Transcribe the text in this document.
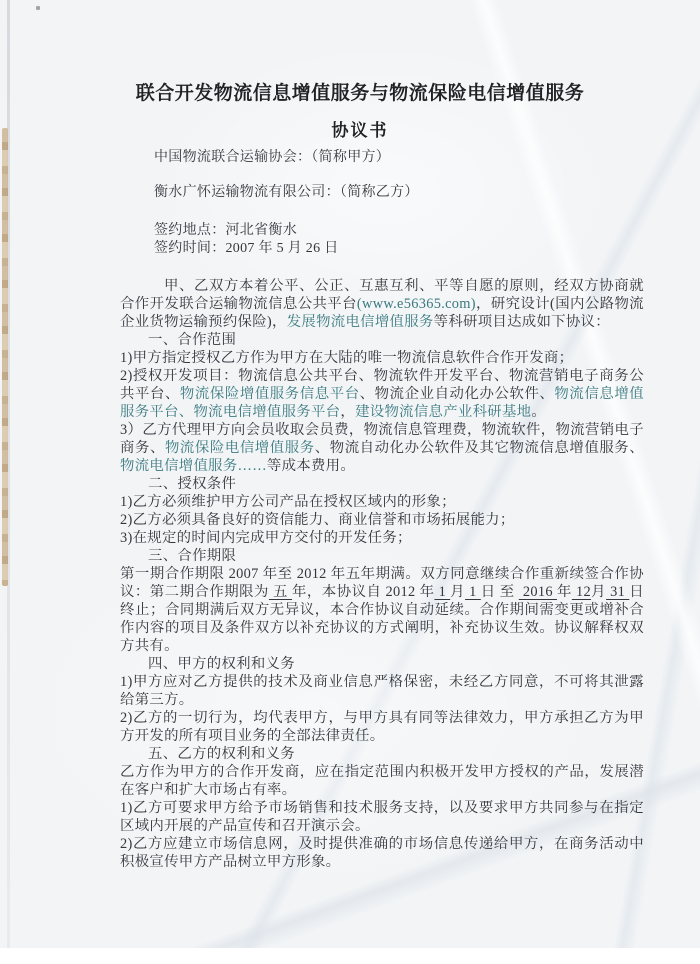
联合开发物流信息增值服务与物流保险电信增值服务
协议书

中国物流联合运输协会：（简称甲方）

衡水广怀运输物流有限公司：（简称乙方）

签约地点：河北省衡水

签约时间：2007 年 5 月 26 日

甲、乙双方本着公平、公正、互惠互利、平等自愿的原则，经双方协商就合作开发联合运输物流信息公共平台(www.e56365.com)，研究设计(国内公路物流企业货物运输预约保险)，发展物流电信增值服务等科研项目达成如下协议：

一、合作范围

1)甲方指定授权乙方作为甲方在大陆的唯一物流信息软件合作开发商；

2)授权开发项目：物流信息公共平台、物流软件开发平台、物流营销电子商务公共平台、物流保险增值服务信息平台、物流企业自动化办公软件、物流信息增值服务平台、物流电信增值服务平台，建设物流信息产业科研基地。

3）乙方代理甲方向会员收取会员费，物流信息管理费，物流软件，物流营销电子商务、物流保险电信增值服务、物流自动化办公软件及其它物流信息增值服务、物流电信增值服务……等成本费用。

二、授权条件

1)乙方必须维护甲方公司产品在授权区域内的形象；

2)乙方必须具备良好的资信能力、商业信誉和市场拓展能力；

3)在规定的时间内完成甲方交付的开发任务；

三、合作期限

第一期合作期限 2007 年至 2012 年五年期满。双方同意继续合作重新续签合作协议：第二期合作期限为 五 年，本协议自 2012 年 1 月 1 日 至  2016 年 12月 31 日终止；合同期满后双方无异议，本合作协议自动延续。合作期间需变更或增补合作内容的项目及条件双方以补充协议的方式阐明，补充协议生效。协议解释权双方共有。

四、甲方的权利和义务

1)甲方应对乙方提供的技术及商业信息严格保密，未经乙方同意，不可将其泄露给第三方。

2)乙方的一切行为，均代表甲方，与甲方具有同等法律效力，甲方承担乙方为甲方开发的所有项目业务的全部法律责任。

五、乙方的权利和义务

乙方作为甲方的合作开发商，应在指定范围内积极开发甲方授权的产品，发展潜在客户和扩大市场占有率。

1)乙方可要求甲方给予市场销售和技术服务支持，以及要求甲方共同参与在指定区域内开展的产品宣传和召开演示会。

2)乙方应建立市场信息网，及时提供准确的市场信息传递给甲方，在商务活动中积极宣传甲方产品树立甲方形象。
